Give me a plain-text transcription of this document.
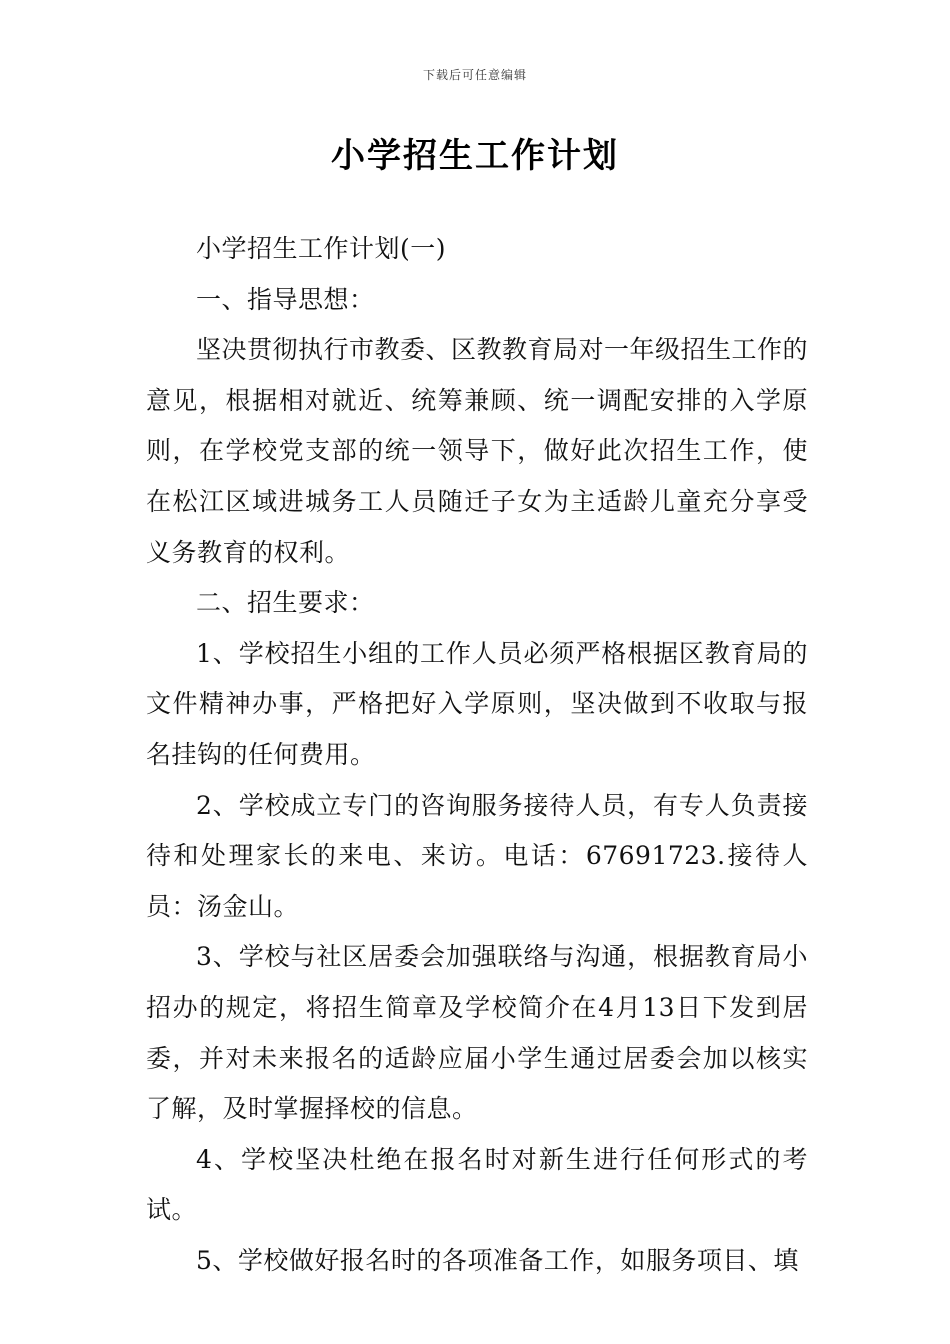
下载后可任意编辑
小学招生工作计划

小学招生工作计划(一)

一、指导思想：

坚决贯彻执行市教委、区教教育局对一年级招生工作的意见，根据相对就近、统筹兼顾、统一调配安排的入学原则，在学校党支部的统一领导下，做好此次招生工作，使在松江区域进城务工人员随迁子女为主适龄儿童充分享受义务教育的权利。

二、招生要求：

1、学校招生小组的工作人员必须严格根据区教育局的文件精神办事，严格把好入学原则，坚决做到不收取与报名挂钩的任何费用。

2、学校成立专门的咨询服务接待人员，有专人负责接待和处理家长的来电、来访。电话：67691723.接待人员：汤金山。

3、学校与社区居委会加强联络与沟通，根据教育局小招办的规定，将招生简章及学校简介在4月13日下发到居委，并对未来报名的适龄应届小学生通过居委会加以核实了解，及时掌握择校的信息。

4、学校坚决杜绝在报名时对新生进行任何形式的考试。

5、学校做好报名时的各项准备工作，如服务项目、填
